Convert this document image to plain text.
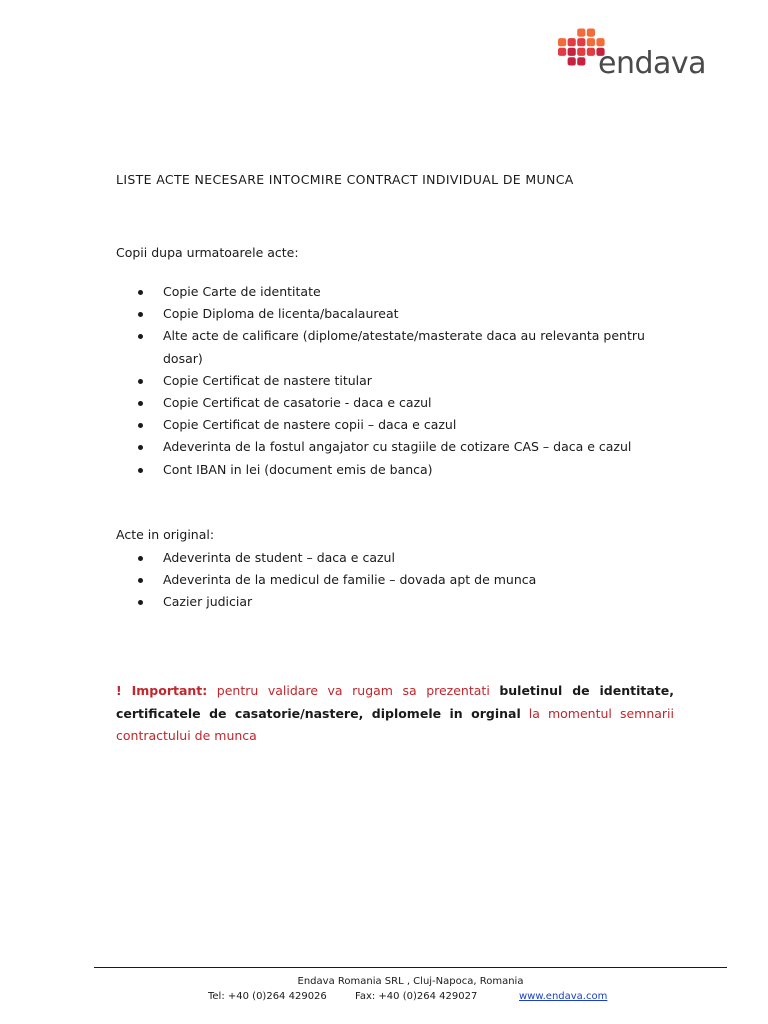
endava
LISTE ACTE NECESARE INTOCMIRE CONTRACT INDIVIDUAL DE MUNCA

Copii dupa urmatoarele acte:

Copie Carte de identitate
Copie Diploma de licenta/bacalaureat
Alte acte de calificare (diplome/atestate/masterate daca au relevanta pentru dosar)
Copie Certificat de nastere titular
Copie Certificat de casatorie - daca e cazul
Copie Certificat de nastere copii – daca e cazul
Adeverinta de la fostul angajator cu stagiile de cotizare CAS – daca e cazul
Cont IBAN in lei (document emis de banca)

Acte in original:

Adeverinta de student – daca e cazul
Adeverinta de la medicul de familie – dovada apt de munca
Cazier judiciar

! Important: pentru validare va rugam sa prezentati buletinul de identitate, certificatele de casatorie/nastere, diplomele in orginal la momentul semnarii contractului de munca

Endava Romania SRL , Cluj-Napoca, Romania
Tel: +40 (0)264 429026	Fax: +40 (0)264 429027	www.endava.com
